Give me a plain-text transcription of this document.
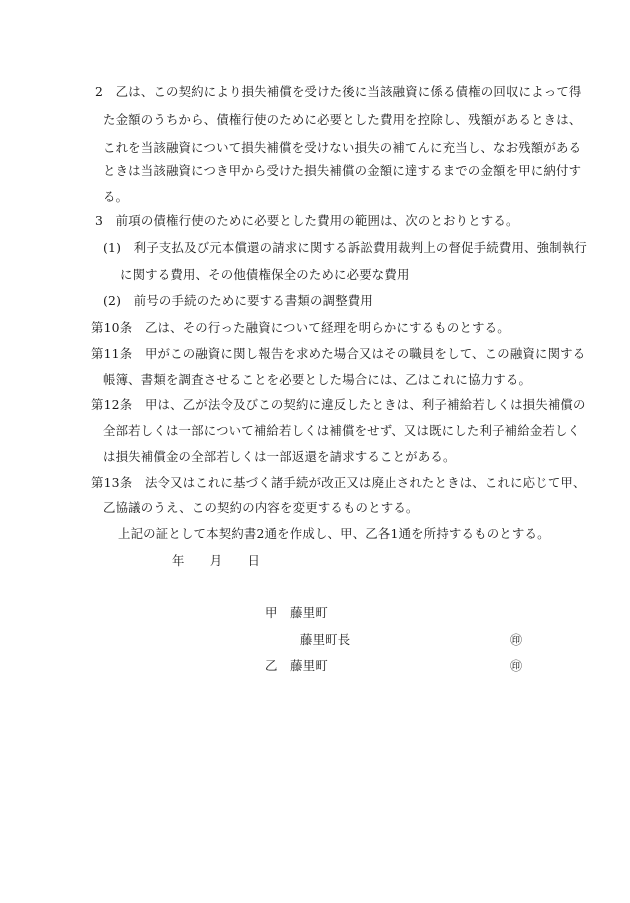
2　乙は、この契約により損失補償を受けた後に当該融資に係る債権の回収によって得
た金額のうちから、債権行使のために必要とした費用を控除し、残額があるときは、
これを当該融資について損失補償を受けない損失の補てんに充当し、なお残額がある
ときは当該融資につき甲から受けた損失補償の金額に達するまでの金額を甲に納付す
る。
3　前項の債権行使のために必要とした費用の範囲は、次のとおりとする。
(1)　利子支払及び元本償還の請求に関する訴訟費用裁判上の督促手続費用、強制執行
に関する費用、その他債権保全のために必要な費用
(2)　前号の手続のために要する書類の調整費用
第10条　乙は、その行った融資について経理を明らかにするものとする。
第11条　甲がこの融資に関し報告を求めた場合又はその職員をして、この融資に関する
帳簿、書類を調査させることを必要とした場合には、乙はこれに協力する。
第12条　甲は、乙が法令及びこの契約に違反したときは、利子補給若しくは損失補償の
全部若しくは一部について補給若しくは補償をせず、又は既にした利子補給金若しく
は損失補償金の全部若しくは一部返還を請求することがある。
第13条　法令又はこれに基づく諸手続が改正又は廃止されたときは、これに応じて甲、
乙協議のうえ、この契約の内容を変更するものとする。
上記の証として本契約書2通を作成し、甲、乙各1通を所持するものとする。
年　　月　　日
甲　藤里町
藤里町長	㊞
乙　藤里町	㊞
